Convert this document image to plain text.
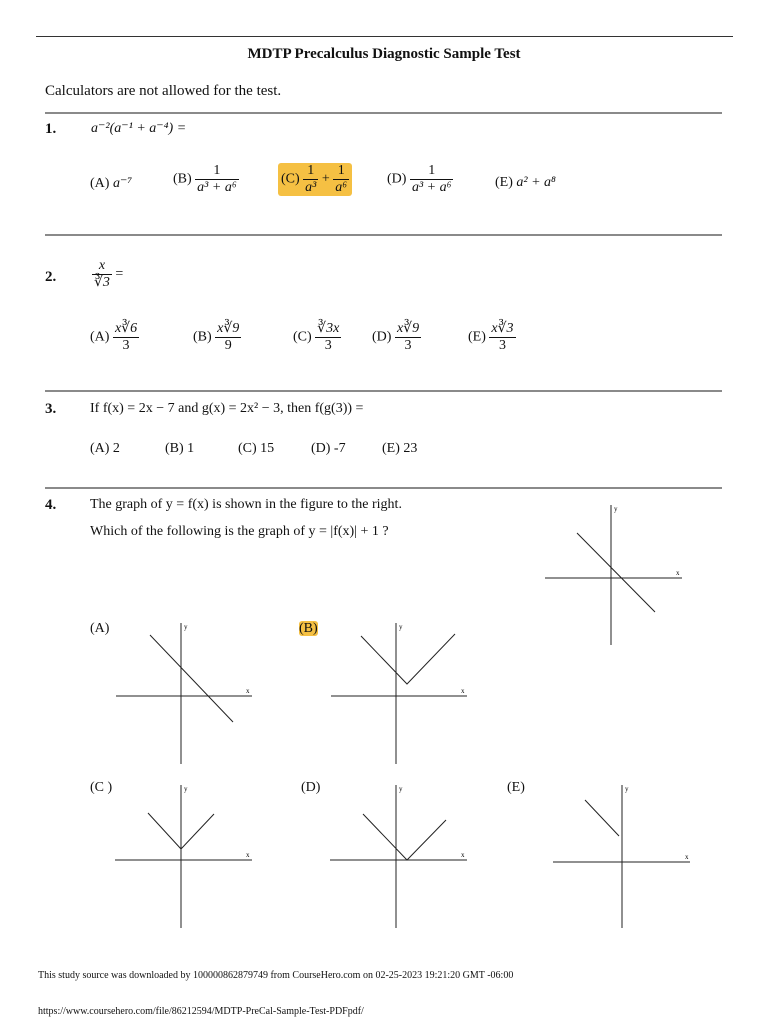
MDTP Precalculus Diagnostic Sample Test
Calculators are not allowed for the test.
1. a⁻²(a⁻¹ + a⁻⁴) =
(A) a⁻⁷	$(B) \frac{1}{\text{a³ + a⁶}}$	$(C) \frac{1}{\text{a³}} + \frac{1}{\text{a⁶}}$	$(D) \frac{1}{\text{a³ + a⁶}}$	(E) a² + a⁸
2.	$\frac{x}{∛3}$ =
$(A) \frac{x∛6}{3}$	$(B) \frac{x∛9}{9}$	$(C) \frac{∛3x}{3} (D) \frac{x∛9}{3}$	$(E) \frac{x∛3}{3}$
3. If f(x) = 2x − 7 and g(x) = 2x² − 3, then f(g(3)) =
(A) 2	(B) 1	(C) 15	(D) -7	(E) 23
4. The graph of y = f(x) is shown in the figure to the right.
Which of the following is the graph of y = |f(x)| + 1 ?
x
y
(A)
x
y	(B)
x
y
(C )
x
y	(D)
x
y	(E)
x
y
This study source was downloaded by 100000862879749 from CourseHero.com on 02-25-2023 19:21:20 GMT -06:00
https://www.coursehero.com/file/86212594/MDTP-PreCal-Sample-Test-PDFpdf/
